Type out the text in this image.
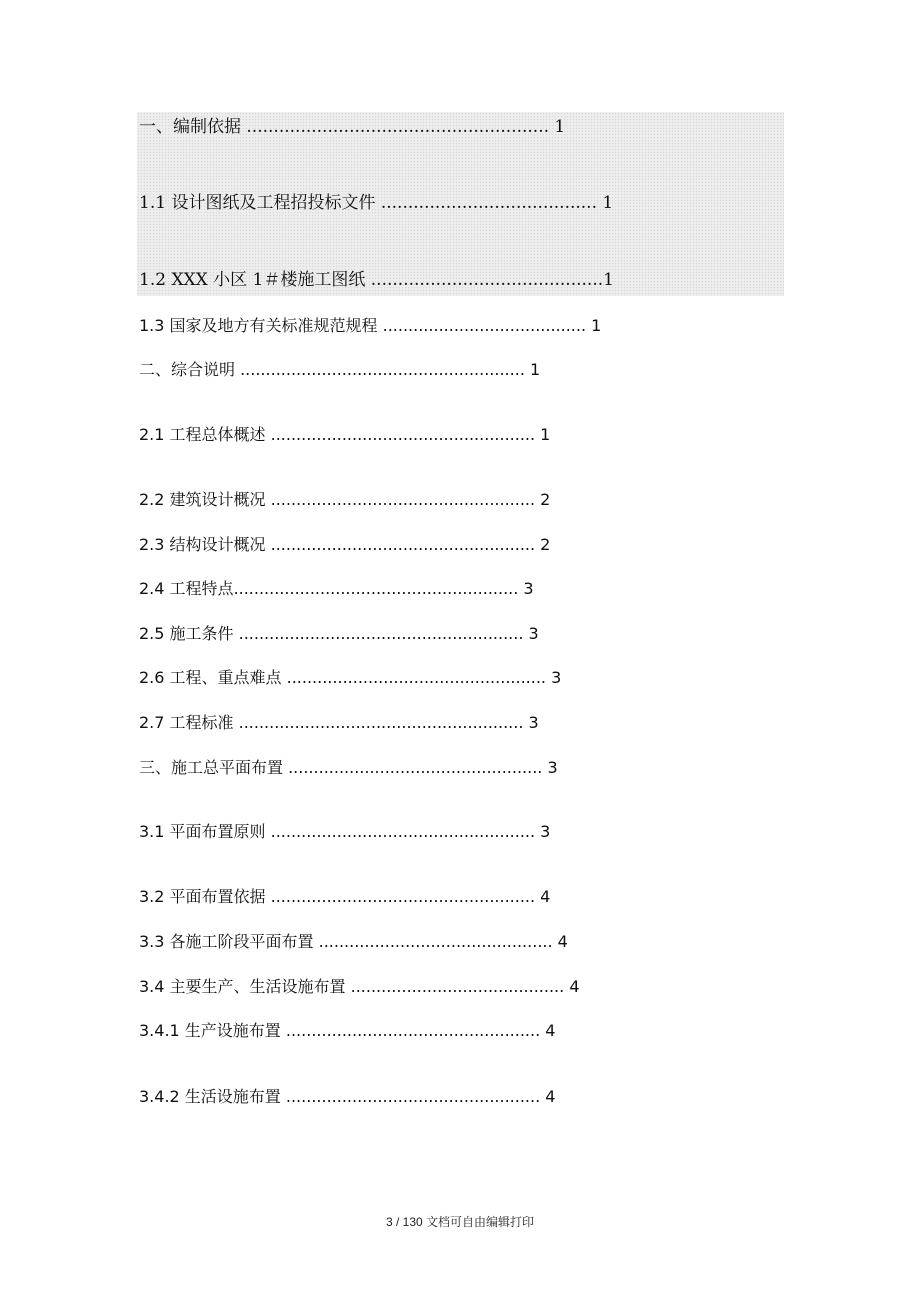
一、编制依据 ........................................................ 1
1.1 设计图纸及工程招投标文件 ........................................ 1
1.2 XXX 小区 1＃楼施工图纸 ...........................................1
1.3 国家及地方有关标准规范规程 ........................................ 1
二、综合说明 ........................................................ 1
2.1 工程总体概述 .................................................... 1
2.2 建筑设计概况 .................................................... 2
2.3 结构设计概况 .................................................... 2
2.4 工程特点........................................................ 3
2.5 施工条件 ........................................................ 3
2.6 工程、重点难点 ................................................... 3
2.7 工程标准 ........................................................ 3
三、施工总平面布置 .................................................. 3
3.1 平面布置原则 .................................................... 3
3.2 平面布置依据 .................................................... 4
3.3 各施工阶段平面布置 .............................................. 4
3.4 主要生产、生活设施布置 .......................................... 4
3.4.1 生产设施布置 .................................................. 4
3.4.2 生活设施布置 .................................................. 4
3 / 130 文档可自由编辑打印
